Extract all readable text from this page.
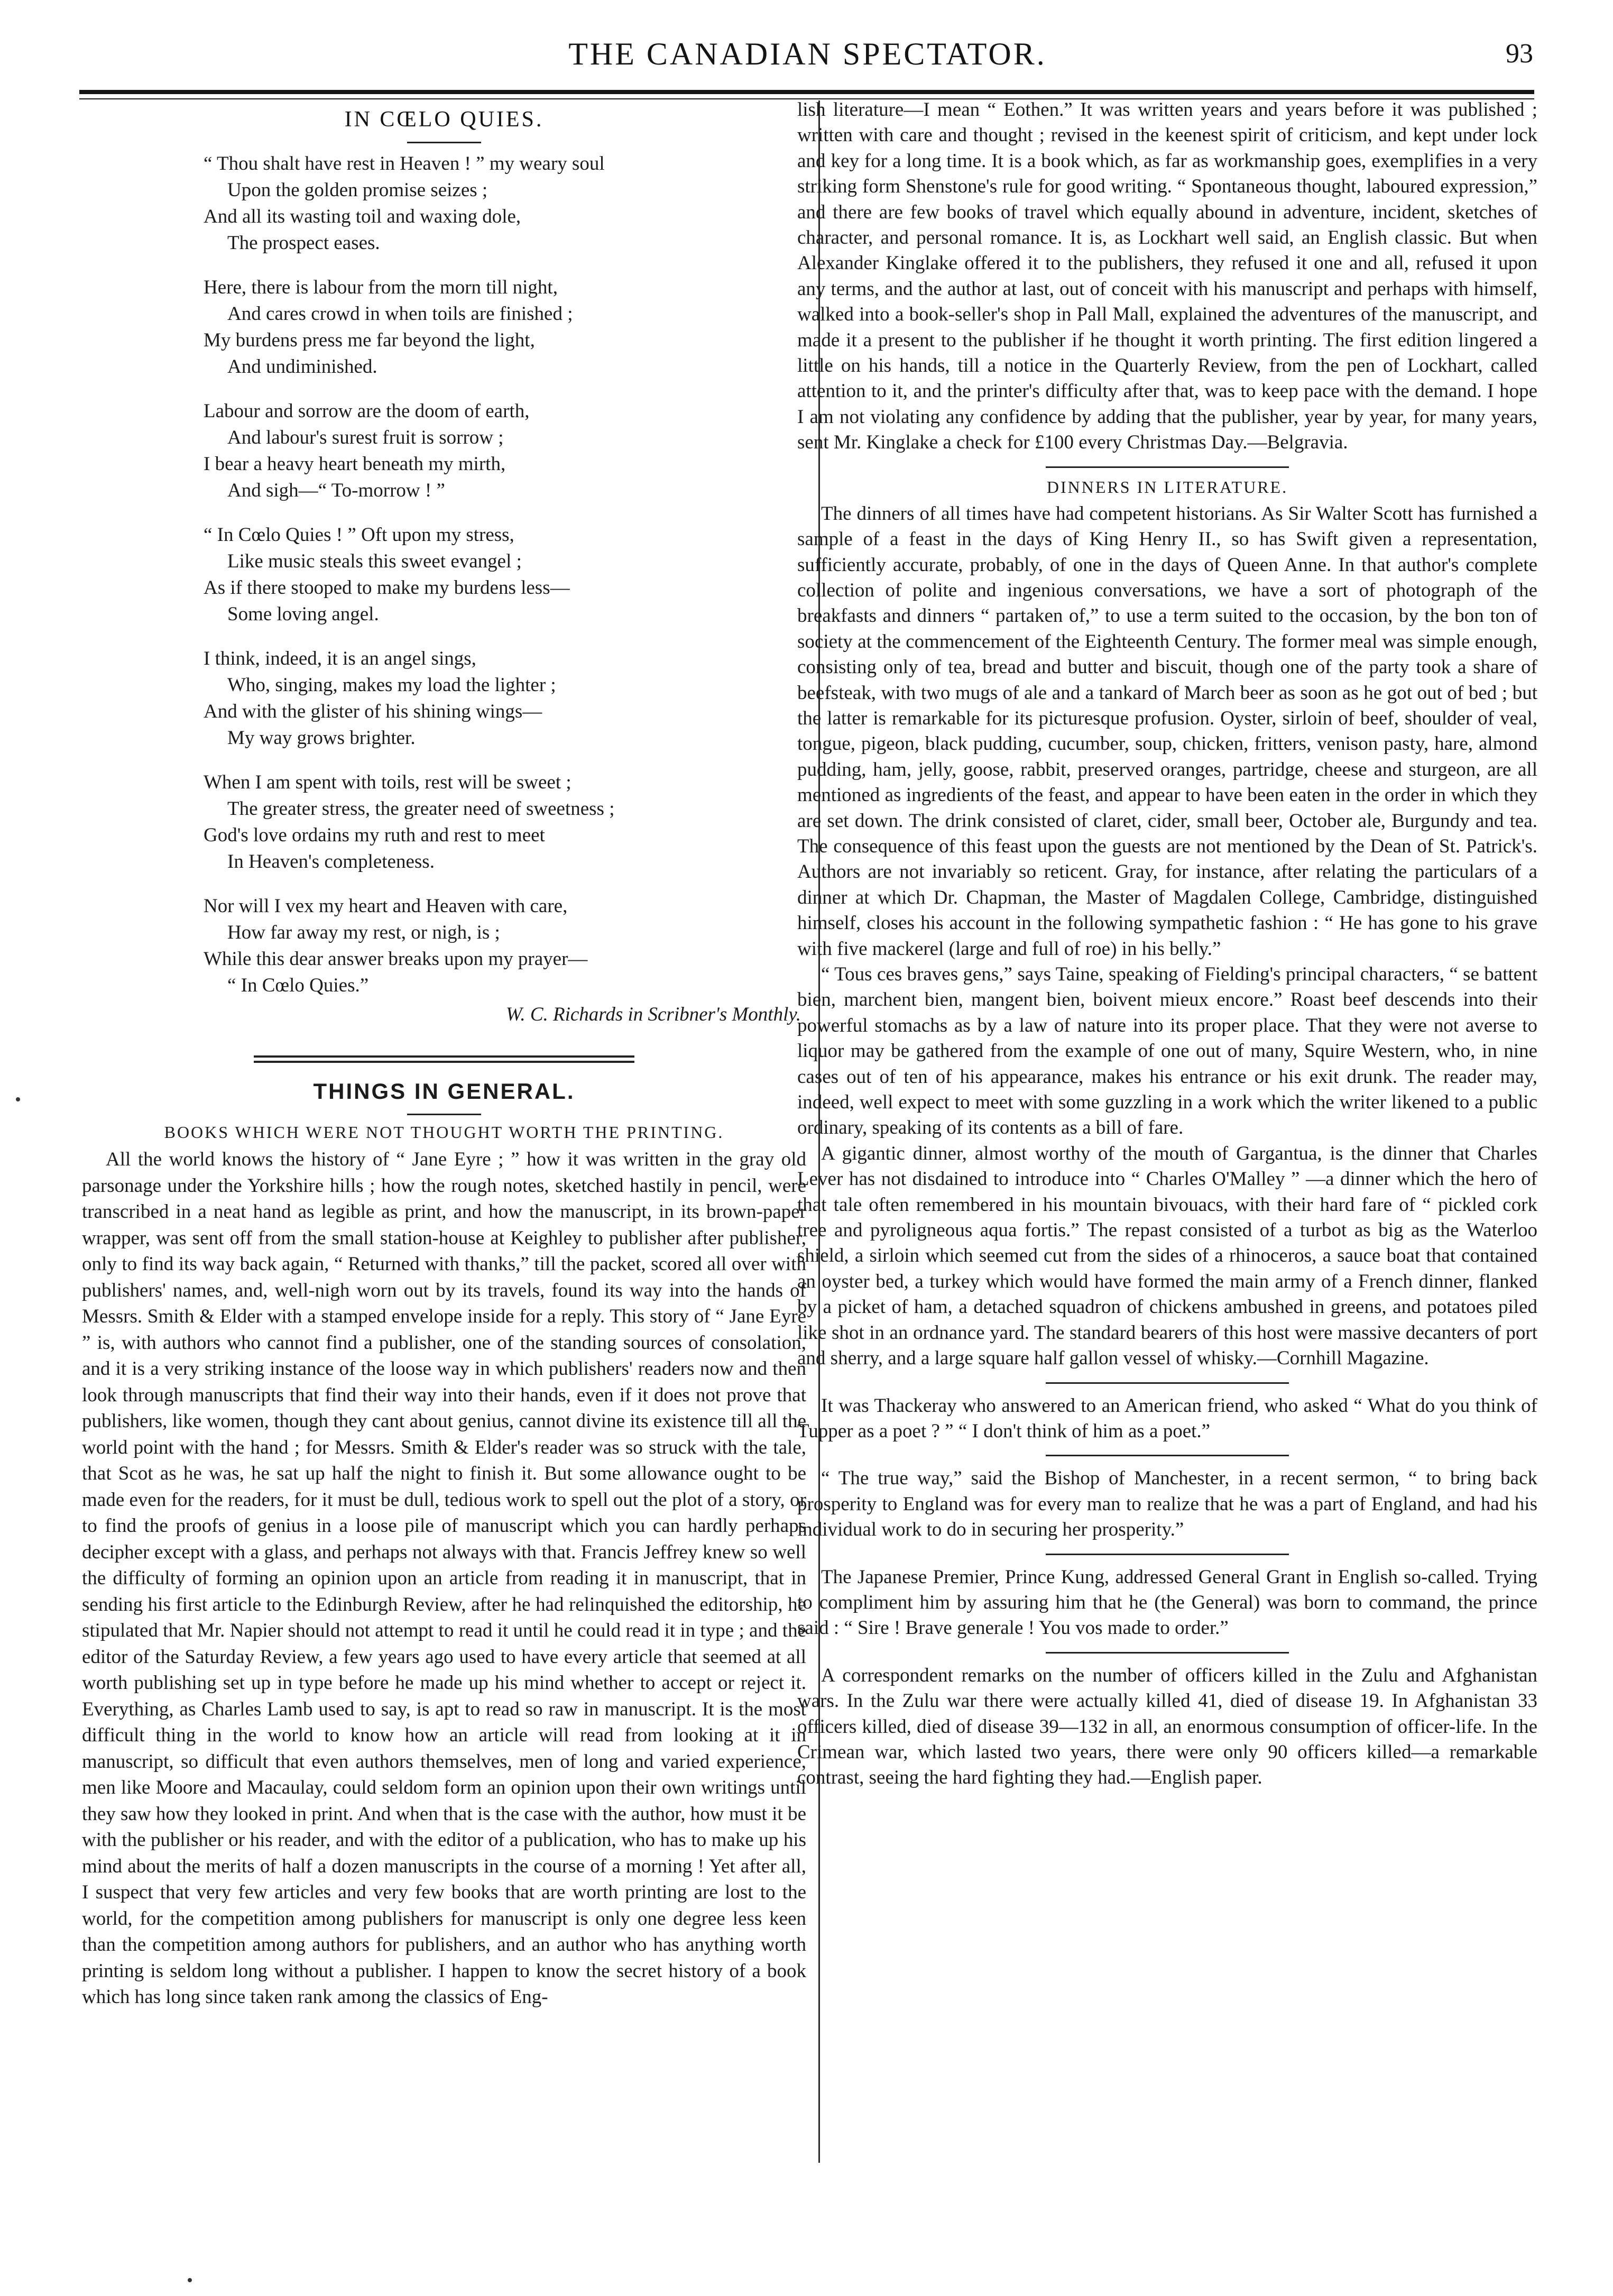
THE CANADIAN SPECTATOR.	93
IN CŒLO QUIES.
“ Thou shalt have rest in Heaven ! ” my weary soul
Upon the golden promise seizes ;
And all its wasting toil and waxing dole,
The prospect eases.
Here, there is labour from the morn till night,
And cares crowd in when toils are finished ;
My burdens press me far beyond the light,
And undiminished.
Labour and sorrow are the doom of earth,
And labour's surest fruit is sorrow ;
I bear a heavy heart beneath my mirth,
And sigh—“ To-morrow ! ”
“ In Cœlo Quies ! ” Oft upon my stress,
Like music steals this sweet evangel ;
As if there stooped to make my burdens less—
Some loving angel.
I think, indeed, it is an angel sings,
Who, singing, makes my load the lighter ;
And with the glister of his shining wings—
My way grows brighter.
When I am spent with toils, rest will be sweet ;
The greater stress, the greater need of sweetness ;
God's love ordains my ruth and rest to meet
In Heaven's completeness.
Nor will I vex my heart and Heaven with care,
How far away my rest, or nigh, is ;
While this dear answer breaks upon my prayer—
“ In Cœlo Quies.”
W. C. Richards in Scribner's Monthly.
THINGS IN GENERAL.
BOOKS WHICH WERE NOT THOUGHT WORTH THE PRINTING.

All the world knows the history of “ Jane Eyre ; ” how it was written in the gray old parsonage under the Yorkshire hills ; how the rough notes, sketched hastily in pencil, were transcribed in a neat hand as legible as print, and how the manuscript, in its brown-paper wrapper, was sent off from the small station-house at Keighley to publisher after publisher, only to find its way back again, “ Returned with thanks,” till the packet, scored all over with publishers' names, and, well-nigh worn out by its travels, found its way into the hands of Messrs. Smith & Elder with a stamped envelope inside for a reply. This story of “ Jane Eyre ” is, with authors who cannot find a publisher, one of the standing sources of consolation, and it is a very striking instance of the loose way in which publishers' readers now and then look through manuscripts that find their way into their hands, even if it does not prove that publishers, like women, though they cant about genius, cannot divine its existence till all the world point with the hand ; for Messrs. Smith & Elder's reader was so struck with the tale, that Scot as he was, he sat up half the night to finish it. But some allowance ought to be made even for the readers, for it must be dull, tedious work to spell out the plot of a story, or to find the proofs of genius in a loose pile of manuscript which you can hardly perhaps decipher except with a glass, and perhaps not always with that. Francis Jeffrey knew so well the difficulty of forming an opinion upon an article from reading it in manuscript, that in sending his first article to the Edinburgh Review, after he had relinquished the editorship, he stipulated that Mr. Napier should not attempt to read it until he could read it in type ; and the editor of the Saturday Review, a few years ago used to have every article that seemed at all worth publishing set up in type before he made up his mind whether to accept or reject it. Everything, as Charles Lamb used to say, is apt to read so raw in manuscript. It is the most difficult thing in the world to know how an article will read from looking at it in manuscript, so difficult that even authors themselves, men of long and varied experience, men like Moore and Macaulay, could seldom form an opinion upon their own writings until they saw how they looked in print. And when that is the case with the author, how must it be with the publisher or his reader, and with the editor of a publication, who has to make up his mind about the merits of half a dozen manuscripts in the course of a morning ! Yet after all, I suspect that very few articles and very few books that are worth printing are lost to the world, for the competition among publishers for manuscript is only one degree less keen than the competition among authors for publishers, and an author who has anything worth printing is seldom long without a publisher. I happen to know the secret history of a book which has long since taken rank among the classics of Eng-

lish literature—I mean “ Eothen.” It was written years and years before it was published ; written with care and thought ; revised in the keenest spirit of criticism, and kept under lock and key for a long time. It is a book which, as far as workmanship goes, exemplifies in a very striking form Shenstone's rule for good writing. “ Spontaneous thought, laboured expression,” and there are few books of travel which equally abound in adventure, incident, sketches of character, and personal romance. It is, as Lockhart well said, an English classic. But when Alexander Kinglake offered it to the publishers, they refused it one and all, refused it upon any terms, and the author at last, out of conceit with his manuscript and perhaps with himself, walked into a book-seller's shop in Pall Mall, explained the adventures of the manuscript, and made it a present to the publisher if he thought it worth printing. The first edition lingered a little on his hands, till a notice in the Quarterly Review, from the pen of Lockhart, called attention to it, and the printer's difficulty after that, was to keep pace with the demand. I hope I am not violating any confidence by adding that the publisher, year by year, for many years, sent Mr. Kinglake a check for £100 every Christmas Day.—Belgravia.

DINNERS IN LITERATURE.

The dinners of all times have had competent historians. As Sir Walter Scott has furnished a sample of a feast in the days of King Henry II., so has Swift given a representation, sufficiently accurate, probably, of one in the days of Queen Anne. In that author's complete collection of polite and ingenious conversations, we have a sort of photograph of the breakfasts and dinners “ partaken of,” to use a term suited to the occasion, by the bon ton of society at the commencement of the Eighteenth Century. The former meal was simple enough, consisting only of tea, bread and butter and biscuit, though one of the party took a share of beefsteak, with two mugs of ale and a tankard of March beer as soon as he got out of bed ; but the latter is remarkable for its picturesque profusion. Oyster, sirloin of beef, shoulder of veal, tongue, pigeon, black pudding, cucumber, soup, chicken, fritters, venison pasty, hare, almond pudding, ham, jelly, goose, rabbit, preserved oranges, partridge, cheese and sturgeon, are all mentioned as ingredients of the feast, and appear to have been eaten in the order in which they are set down. The drink consisted of claret, cider, small beer, October ale, Burgundy and tea. The consequence of this feast upon the guests are not mentioned by the Dean of St. Patrick's. Authors are not invariably so reticent. Gray, for instance, after relating the particulars of a dinner at which Dr. Chapman, the Master of Magdalen College, Cambridge, distinguished himself, closes his account in the following sympathetic fashion : “ He has gone to his grave with five mackerel (large and full of roe) in his belly.”

“ Tous ces braves gens,” says Taine, speaking of Fielding's principal characters, “ se battent bien, marchent bien, mangent bien, boivent mieux encore.” Roast beef descends into their powerful stomachs as by a law of nature into its proper place. That they were not averse to liquor may be gathered from the example of one out of many, Squire Western, who, in nine cases out of ten of his appearance, makes his entrance or his exit drunk. The reader may, indeed, well expect to meet with some guzzling in a work which the writer likened to a public ordinary, speaking of its contents as a bill of fare.

A gigantic dinner, almost worthy of the mouth of Gargantua, is the dinner that Charles Lever has not disdained to introduce into “ Charles O'Malley ” —a dinner which the hero of that tale often remembered in his mountain bivouacs, with their hard fare of “ pickled cork tree and pyroligneous aqua fortis.” The repast consisted of a turbot as big as the Waterloo shield, a sirloin which seemed cut from the sides of a rhinoceros, a sauce boat that contained an oyster bed, a turkey which would have formed the main army of a French dinner, flanked by a picket of ham, a detached squadron of chickens ambushed in greens, and potatoes piled like shot in an ordnance yard. The standard bearers of this host were massive decanters of port and sherry, and a large square half gallon vessel of whisky.—Cornhill Magazine.

It was Thackeray who answered to an American friend, who asked “ What do you think of Tupper as a poet ? ” “ I don't think of him as a poet.”

“ The true way,” said the Bishop of Manchester, in a recent sermon, “ to bring back prosperity to England was for every man to realize that he was a part of England, and had his individual work to do in securing her prosperity.”

The Japanese Premier, Prince Kung, addressed General Grant in English so-called. Trying to compliment him by assuring him that he (the General) was born to command, the prince said : “ Sire ! Brave generale ! You vos made to order.”

A correspondent remarks on the number of officers killed in the Zulu and Afghanistan wars. In the Zulu war there were actually killed 41, died of disease 19. In Afghanistan 33 officers killed, died of disease 39—132 in all, an enormous consumption of officer-life. In the Crimean war, which lasted two years, there were only 90 officers killed—a remarkable contrast, seeing the hard fighting they had.—English paper.
